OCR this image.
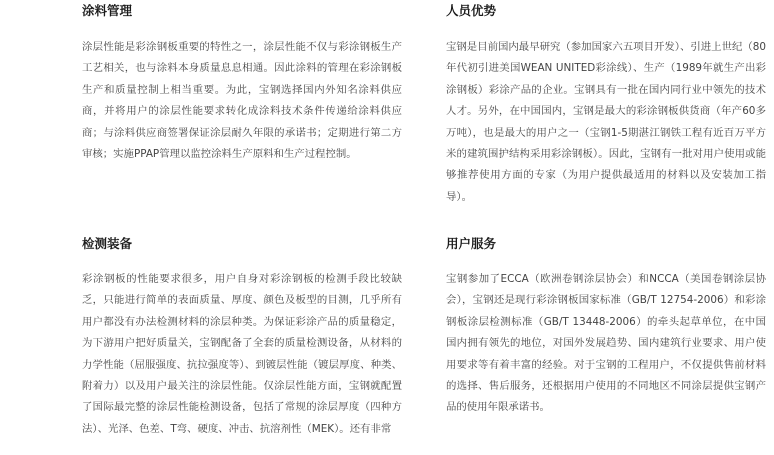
涂料管理

涂层性能是彩涂钢板重要的特性之一，涂层性能不仅与彩涂钢板生产工艺相关，也与涂料本身质量息息相通。因此涂料的管理在彩涂钢板生产和质量控制上相当重要。为此，宝钢选择国内外知名涂料供应商，并将用户的涂层性能要求转化成涂料技术条件传递给涂料供应商；与涂料供应商签署保证涂层耐久年限的承诺书；定期进行第二方审核；实施PPAP管理以监控涂料生产原料和生产过程控制。

人员优势

宝钢是目前国内最早研究（参加国家六五项目开发）、引进上世纪（80年代初引进美国WEAN UNITED彩涂线）、生产（1989年就生产出彩涂钢板）彩涂产品的企业。宝钢具有一批在国内同行业中领先的技术人才。另外，在中国国内，宝钢是最大的彩涂钢板供货商（年产60多万吨），也是最大的用户之一（宝钢1-5期湛江钢铁工程有近百万平方米的建筑围护结构采用彩涂钢板）。因此，宝钢有一批对用户使用或能够推荐使用方面的专家（为用户提供最适用的材料以及安装加工指导）。

检测装备

彩涂钢板的性能要求很多，用户自身对彩涂钢板的检测手段比较缺乏，只能进行简单的表面质量、厚度、颜色及板型的目测，几乎所有用户都没有办法检测材料的涂层种类。为保证彩涂产品的质量稳定，为下游用户把好质量关，宝钢配备了全套的质量检测设备，从材料的力学性能（屈服强度、抗拉强度等）、到镀层性能（镀层厚度、种类、附着力）以及用户最关注的涂层性能。仅涂层性能方面，宝钢就配置了国际最完整的涂层性能检测设备，包括了常规的涂层厚度（四种方法）、光泽、色差、T弯、硬度、冲击、抗溶剂性（MEK）。还有非常

用户服务

宝钢参加了ECCA（欧洲卷钢涂层协会）和NCCA（美国卷钢涂层协会），宝钢还是现行彩涂钢板国家标准（GB/T 12754-2006）和彩涂钢板涂层检测标准（GB/T 13448-2006）的牵头起草单位，在中国国内拥有领先的地位，对国外发展趋势、国内建筑行业要求、用户使用要求等有着丰富的经验。对于宝钢的工程用户，不仅提供售前材料的选择、售后服务，还根据用户使用的不同地区不同涂层提供宝钢产品的使用年限承诺书。
